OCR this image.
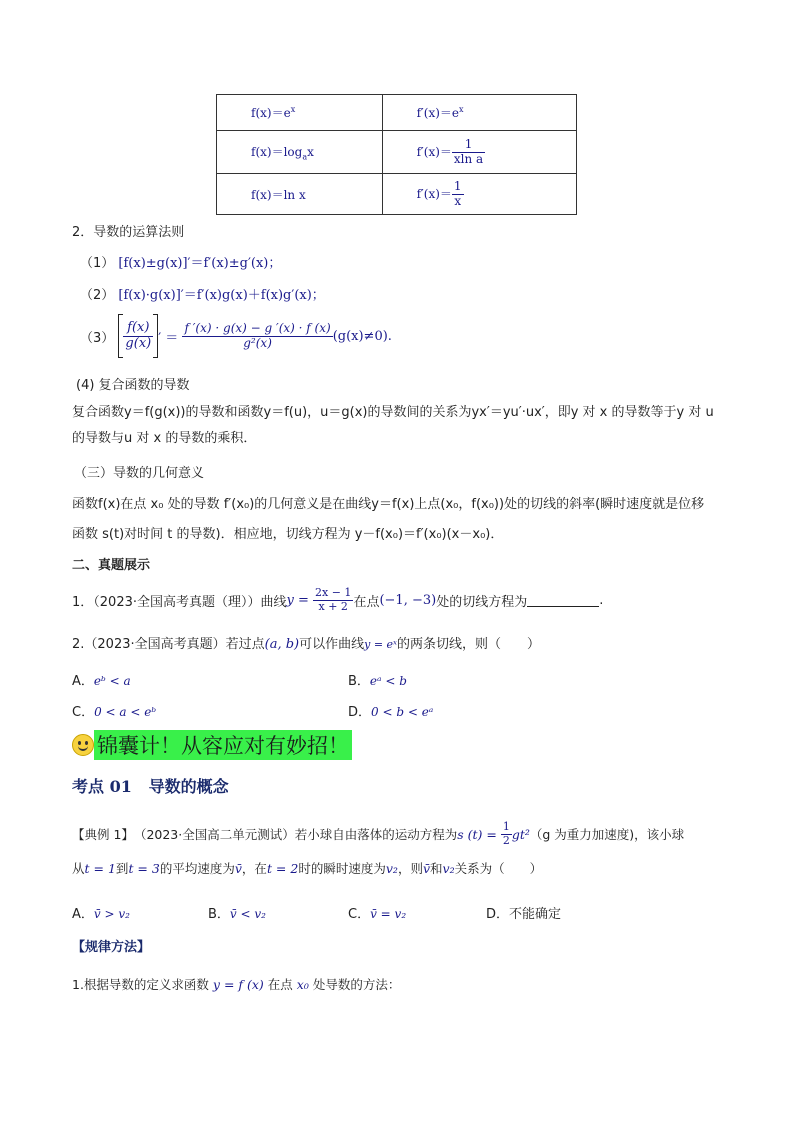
$f(x)=e^x$	$f'(x)=e^x$
$f(x)=\log_ax$	$f'(x)= \frac{1}{\text{xln a}}$

f(x)＝ln x	$f'(x)= \frac{1}{x}$
2．导数的运算法则
（1） [f(x)±g(x)]′＝f′(x)±g′(x)；
（2） [f(x)·g(x)]′＝f′(x)g(x)＋f(x)g′(x)；
（3）
$\frac{f(x)}{g(x)}$ ′ ＝
$\frac{f '(x) \cdot g(x) - g '(x) \cdot f (x)}{\text{g²(x)}} (g(x)\ne 0)$.
(4) 复合函数的导数
复合函数y＝f(g(x))的导数和函数y＝f(u)，u＝g(x)的导数间的关系为yx′＝yu′·ux′，即y 对 x 的导数等于y 对 u
的导数与u 对 x 的导数的乘积．
（三）导数的几何意义
函数f(x)在点 x₀ 处的导数 f′(x₀)的几何意义是在曲线y＝f(x)上点(x₀，f(x₀))处的切线的斜率(瞬时速度就是位移
函数 s(t)对时间 t 的导数)．相应地，切线方程为 y－f(x₀)＝f′(x₀)(x－x₀)．
二、真题展示
1．（2023·全国高考真题（理））曲线 y =
$\frac{2x - 1}{x + 2}$ 在点 (−1, −3) 处的切线方程为	.
2.（2023·全国高考真题）若过点(a, b)可以作曲线y = eˣ的两条切线，则（　　）
A．eᵇ < a	B．eᵃ < b
C．0 < a < eᵇ	D．0 < b < eᵃ
锦囊计！从容应对有妙招！
考点 01 导数的概念
【典例 1】 （2023·全国高二单元测试）若小球自由落体的运动方程为 s (t) =
$\frac{1}{2} gt^2$ （g 为重力加速度)，该小球
从t = 1到t = 3的平均速度为v̄，在t = 2时的瞬时速度为v₂，则v̄和v₂关系为（　　）
A．v̄ > v₂	B．v̄ < v₂	C．v̄ = v₂	D．不能确定
【规律方法】
1.根据导数的定义求函数 y = f (x) 在点 x₀ 处导数的方法：
